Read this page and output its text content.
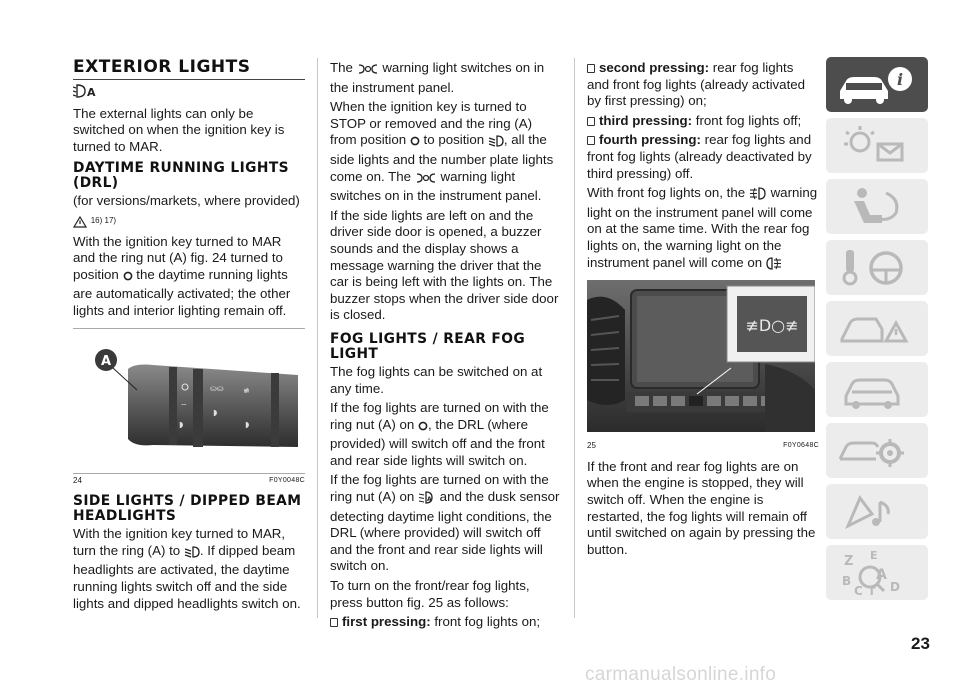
EXTERIOR LIGHTS
A

The external lights can only be switched on when the ignition key is turned to MAR.

DAYTIME RUNNING LIGHTS (DRL)

(for versions/markets, where provided)

16) 17)

With the ignition key turned to MAR and the ring nut (A) fig. 24 turned to position the daytime running lights are automatically activated; the other lights and interior lighting remain off.

⌔
◗
⛀⛀
◗
≢
◗
A
24	F0Y0048C
SIDE LIGHTS / DIPPED BEAM HEADLIGHTS

With the ignition key turned to MAR, turn the ring (A) to . If dipped beam headlights are activated, the daytime running lights switch off and the side lights and dipped headlights switch on.

The warning light switches on in the instrument panel.

When the ignition key is turned to STOP or removed and the ring (A) from position to position , all the side lights and the number plate lights come on. The warning light switches on in the instrument panel.

If the side lights are left on and the driver side door is opened, a buzzer sounds and the display shows a message warning the driver that the car is being left with the lights on. The buzzer stops when the driver side door is closed.

FOG LIGHTS / REAR FOG LIGHT

The fog lights can be switched on at any time.

If the fog lights are turned on with the ring nut (A) on , the DRL (where provided) will switch off and the front and rear side lights will switch on.

If the fog lights are turned on with the ring nut (A) on A and the dusk sensor detecting daytime light conditions, the DRL (where provided) will switch off and the front and rear side lights will switch on.

To turn on the front/rear fog lights, press button fig. 25 as follows:

first pressing: front fog lights on;

second pressing: rear fog lights and front fog lights (already activated by first pressing) on;

third pressing: front fog lights off;

fourth pressing: rear fog lights and front fog lights (already deactivated by third pressing) off.

With front fog lights on, the warning light on the instrument panel will come on at the same time. With the rear fog lights on, the warning light on the instrument panel will come on

≢D○≢
25	F0Y0648C

If the front and rear fog lights are on when the engine is stopped, they will switch off. When the engine is restarted, the fog lights will remain off until switched on again by pressing the button.

i
Z E
B A
C T D
23
carmanualsonline.info
